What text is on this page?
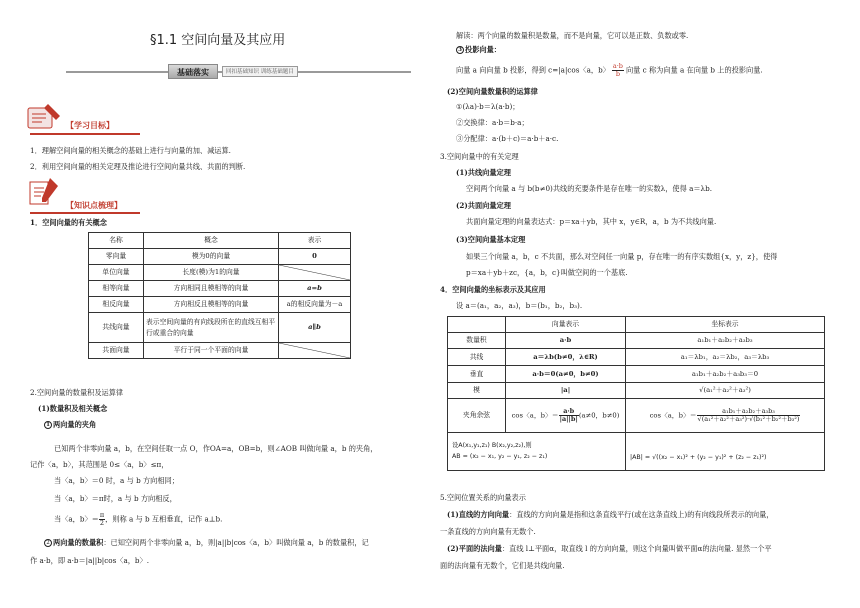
§1.1 空间向量及其应用
基础落实	回扣基础知识 训练基础题目
【学习目标】
1．理解空间向量的相关概念的基础上进行与向量的加、减运算.
2．利用空间向量的相关定理及推论进行空间向量共线、共面的判断.
【知识点梳理】
1．空间向量的有关概念
名称	概念	表示
零向量	模为0的向量	0
单位向量	长度(模)为1的向量	
相等向量	方向相同且模相等的向量	a=b
相反向量	方向相反且模相等的向量	a的相反向量为－a
共线向量	表示空间向量的有向线段所在的直线互相平行或重合的向量	a∥b
共面向量	平行于同一个平面的向量	
2.空间向量的数量积及运算律
(1)数量积及相关概念
1 两向量的夹角
已知两个非零向量 a，b，在空间任取一点 O，作OA=a，OB=b，则∠AOB 叫做向量 a，b 的夹角，
记作〈a，b〉，其范围是 0≤〈a，b〉≤π，
当〈a，b〉＝0 时，a 与 b 方向相同；
当〈a，b〉＝π时，a 与 b 方向相反，
当〈a，b〉＝ $\frac{\pi}{2}$ ，则称 a 与 b 互相垂直，记作 a⊥b.
2 两向量的数量积：已知空间两个非零向量 a，b，则|a||b|cos〈a，b〉叫做向量 a，b 的数量积，记
作 a·b，即 a·b＝|a||b|cos〈a，b〉.
解读：两个向量的数量积是数量，而不是向量，它可以是正数、负数或零.
3 投影向量：
向量 a 向向量 b 投影，得到 c=|a|cos〈a，b〉 $\frac{a\cdot b}{b}$ 向量 c 称为向量 a 在向量 b 上的投影向量.
(2)空间向量数量积的运算律
①(λa)·b＝λ(a·b)；
②交换律：a·b＝b·a；
③分配律：a·(b＋c)＝a·b＋a·c.
3.空间向量中的有关定理
(1)共线向量定理
空间两个向量 a 与 b(b≠0)共线的充要条件是存在唯一的实数λ，使得 a＝λb.
(2)共面向量定理
共面向量定理的向量表达式：p＝xa＋yb，其中 x，y∈R，a，b 为不共线向量.
(3)空间向量基本定理
如果三个向量 a，b，c 不共面，那么对空间任一向量 p，存在唯一的有序实数组{x，y，z}，使得
p＝xa＋yb＋zc，{a，b，c}叫做空间的一个基底.
4．空间向量的坐标表示及其应用
设 a＝(a₁，a₂，a₃)，b＝(b₁，b₂，b₃).
	向量表示	坐标表示
数量积	a·b	a₁b₁＋a₂b₂＋a₃b₃
共线	a＝λb(b≠0，λ∈R)	a₁＝λb₁，a₂＝λb₂，a₃＝λb₃
垂直	a·b＝0(a≠0，b≠0)	a₁b₁＋a₂b₂＋a₃b₃＝0
模	|a|	√(a₁²＋a₂²＋a₃²)
夹角余弦	cos〈a，b〉＝ $\frac{a\cdot b}{|a||b|} (a\ne 0$，b≠0)	cos〈a，b〉＝ $\frac{\text{a₁b₁＋a₂b₂＋a₃b₃}}{\text{√(a₁²＋a₂²＋a₃²)·√(b₁²＋b₂²＋b₃²)}}$

设A(x₁,y₁,z₁) B(x₂,y₂,z₂),则
AB = (x₂ − x₁, y₂ − y₁, z₂ − z₁)		|AB| = √((x₂ − x₁)² + (y₂ − y₁)² + (z₂ − z₁)²)
5.空间位置关系的向量表示
(1)直线的方向向量：直线的方向向量是指和这条直线平行(或在这条直线上)的有向线段所表示的向量，
一条直线的方向向量有无数个.
(2)平面的法向量：直线 l⊥平面α，取直线 l 的方向向量，则这个向量叫做平面α的法向量. 显然一个平
面的法向量有无数个，它们是共线向量.
